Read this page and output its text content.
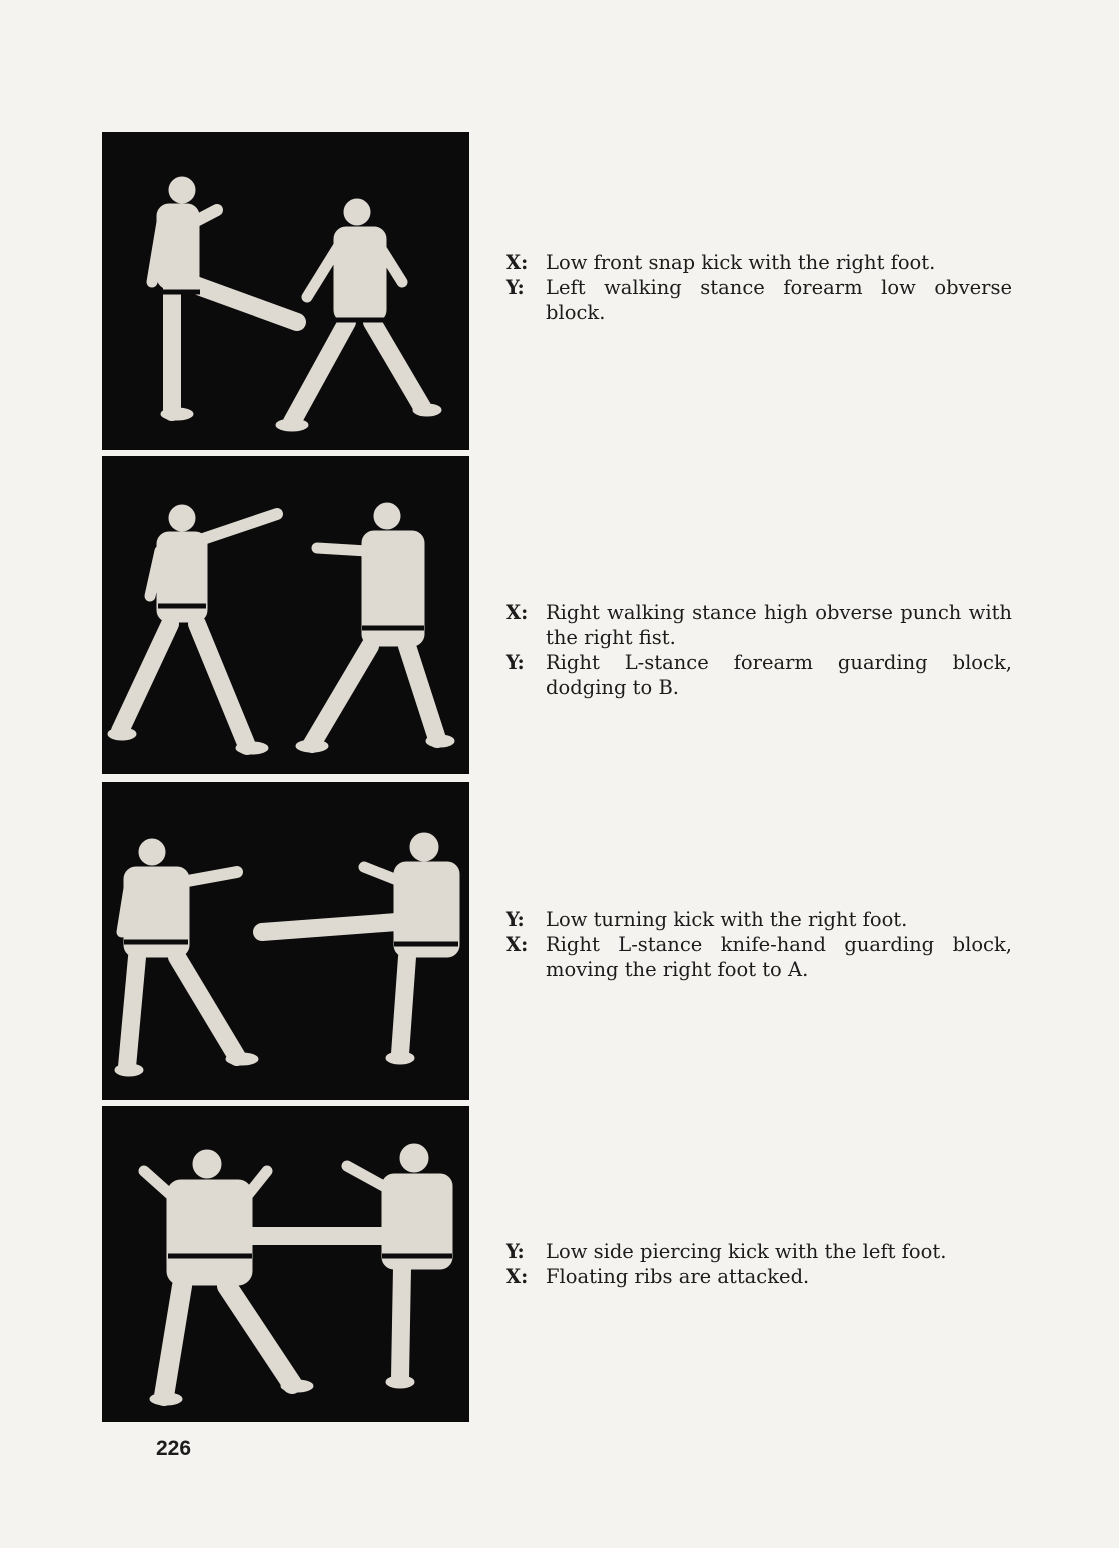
X: Low front snap kick with the right foot.
Y:	Left walking stance forearm low obverse block.
X: Right walking stance high obverse punch with the right fist.
Y:	Right L-stance forearm guarding block, dodging to B.
Y:	Low turning kick with the right foot.
X: Right L-stance knife-hand guarding block, moving the right foot to A.
Y:	Low side piercing kick with the left foot.
X: Floating ribs are attacked.
226
